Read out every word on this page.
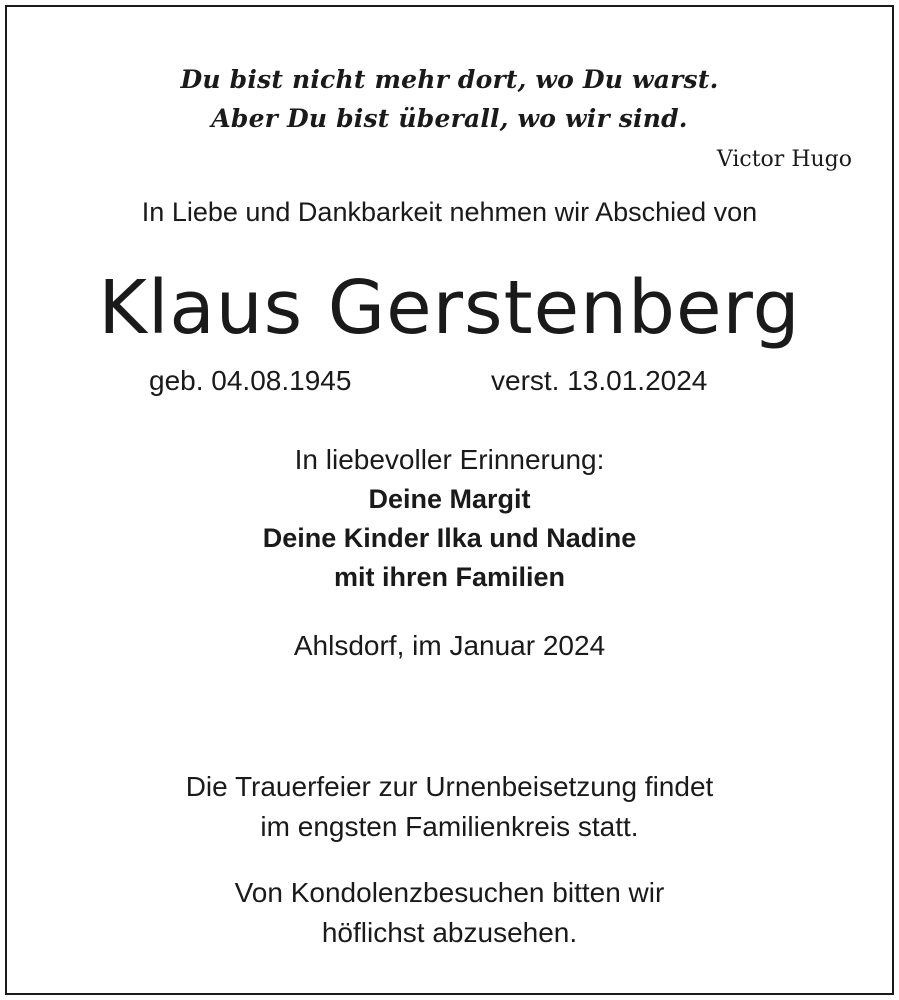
Du bist nicht mehr dort, wo Du warst.
Aber Du bist überall, wo wir sind.
Victor Hugo
In Liebe und Dankbarkeit nehmen wir Abschied von
Klaus Gerstenberg
geb. 04.08.1945	verst. 13.01.2024
In liebevoller Erinnerung:
Deine Margit
Deine Kinder Ilka und Nadine
mit ihren Familien
Ahlsdorf, im Januar 2024
Die Trauerfeier zur Urnenbeisetzung findet
im engsten Familienkreis statt.
Von Kondolenzbesuchen bitten wir
höflichst abzusehen.
